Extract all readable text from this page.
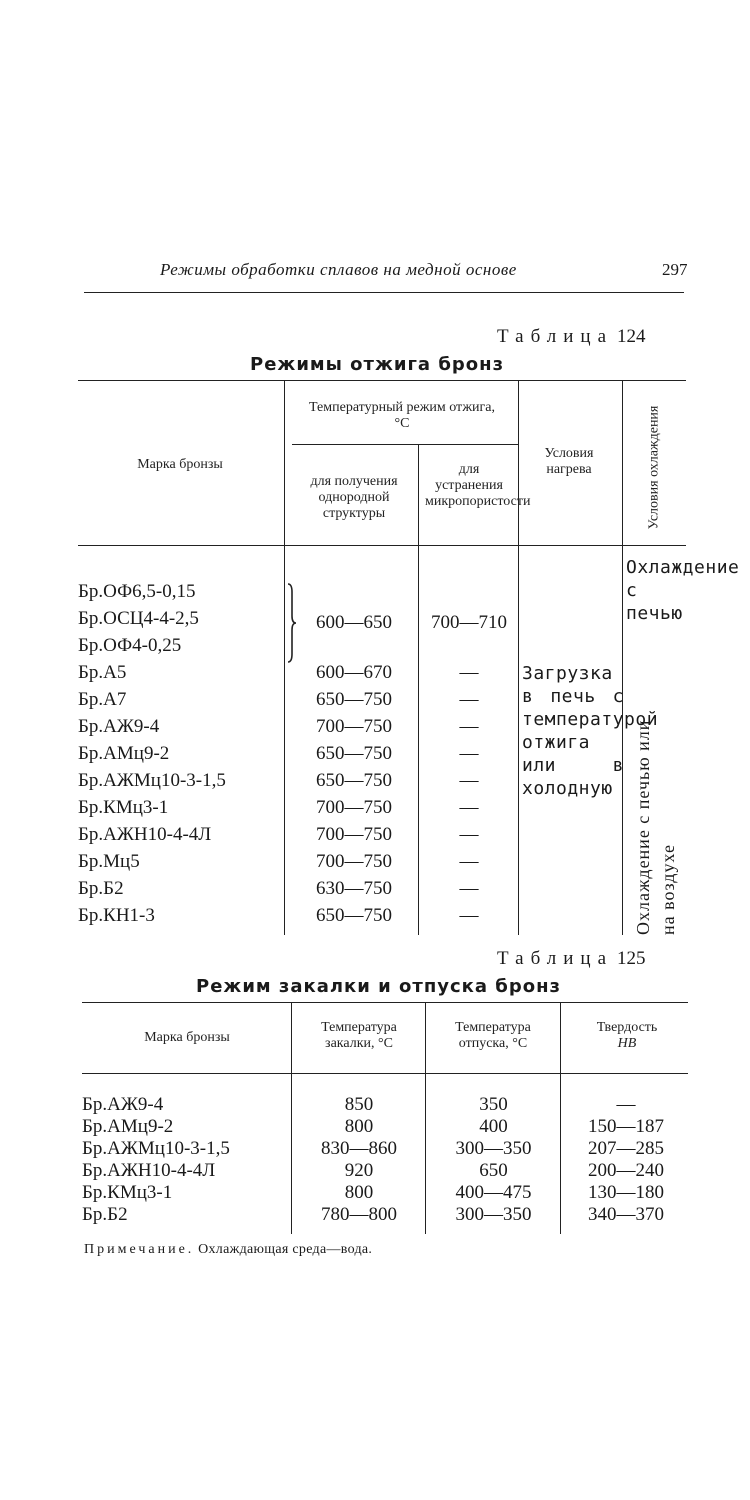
Режимы обработки сплавов на медной основе	297
Таблица 124
Режимы отжига бронз
Марка бронзы
Температурный режим отжига, °С
для получения однородной структуры
для устранения микропористости
Условия нагрева	Условия охлаждения
Бр.ОФ6,5-0,15
Бр.ОСЦ4-4-2,5
Бр.ОФ4-0,25
Бр.А5
Бр.А7
Бр.АЖ9-4
Бр.АМц9-2
Бр.АЖМц10-3-1,5
Бр.КМц3-1
Бр.АЖН10-4-4Л
Бр.Мц5
Бр.Б2
Бр.КН1-3
600—650
600—670
650—750
700—750
650—750
650—750
700—750
700—750
700—750
630—750
650—750
700—710
—
—
—
—
—
—
—
—
—
—
Загрузка в печь с температурой отжига или в холодную
Охлаждение с печью
Охлаждение с печью или на воздухе
Таблица 125
Режим закалки и отпуска бронз
Марка бронзы
Температура закалки, °С
Температура отпуска, °С
Твердость
HB
Бр.АЖ9-4
Бр.АМц9-2
Бр.АЖМц10-3-1,5
Бр.АЖН10-4-4Л
Бр.КМц3-1
Бр.Б2
850
800
830—860
920
800
780—800
350
400
300—350
650
400—475
300—350
—
150—187
207—285
200—240
130—180
340—370
Примечание. Охлаждающая среда—вода.
